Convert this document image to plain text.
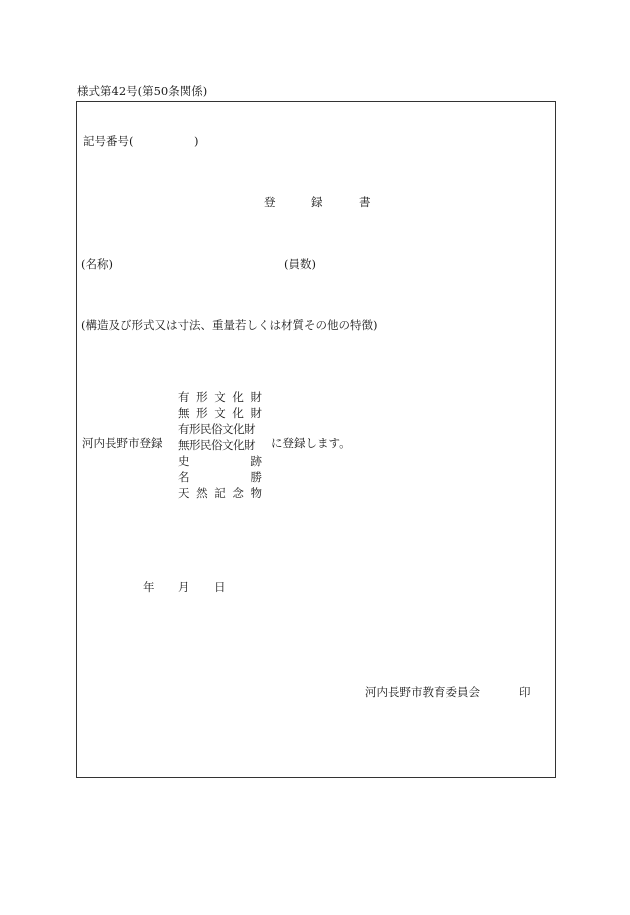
様式第42号(第50条関係)
記号番号(	)
登	録	書
(名称)	(員数)
(構造及び形式又は寸法、重量若しくは材質その他の特徴)
河内長野市登録
有 形 文 化 財
無 形 文 化 財
有形民俗文化財
無形民俗文化財
史	跡
名	勝
天 然 記 念 物
に登録します。
年 月 日
河内長野市教育委員会	印
